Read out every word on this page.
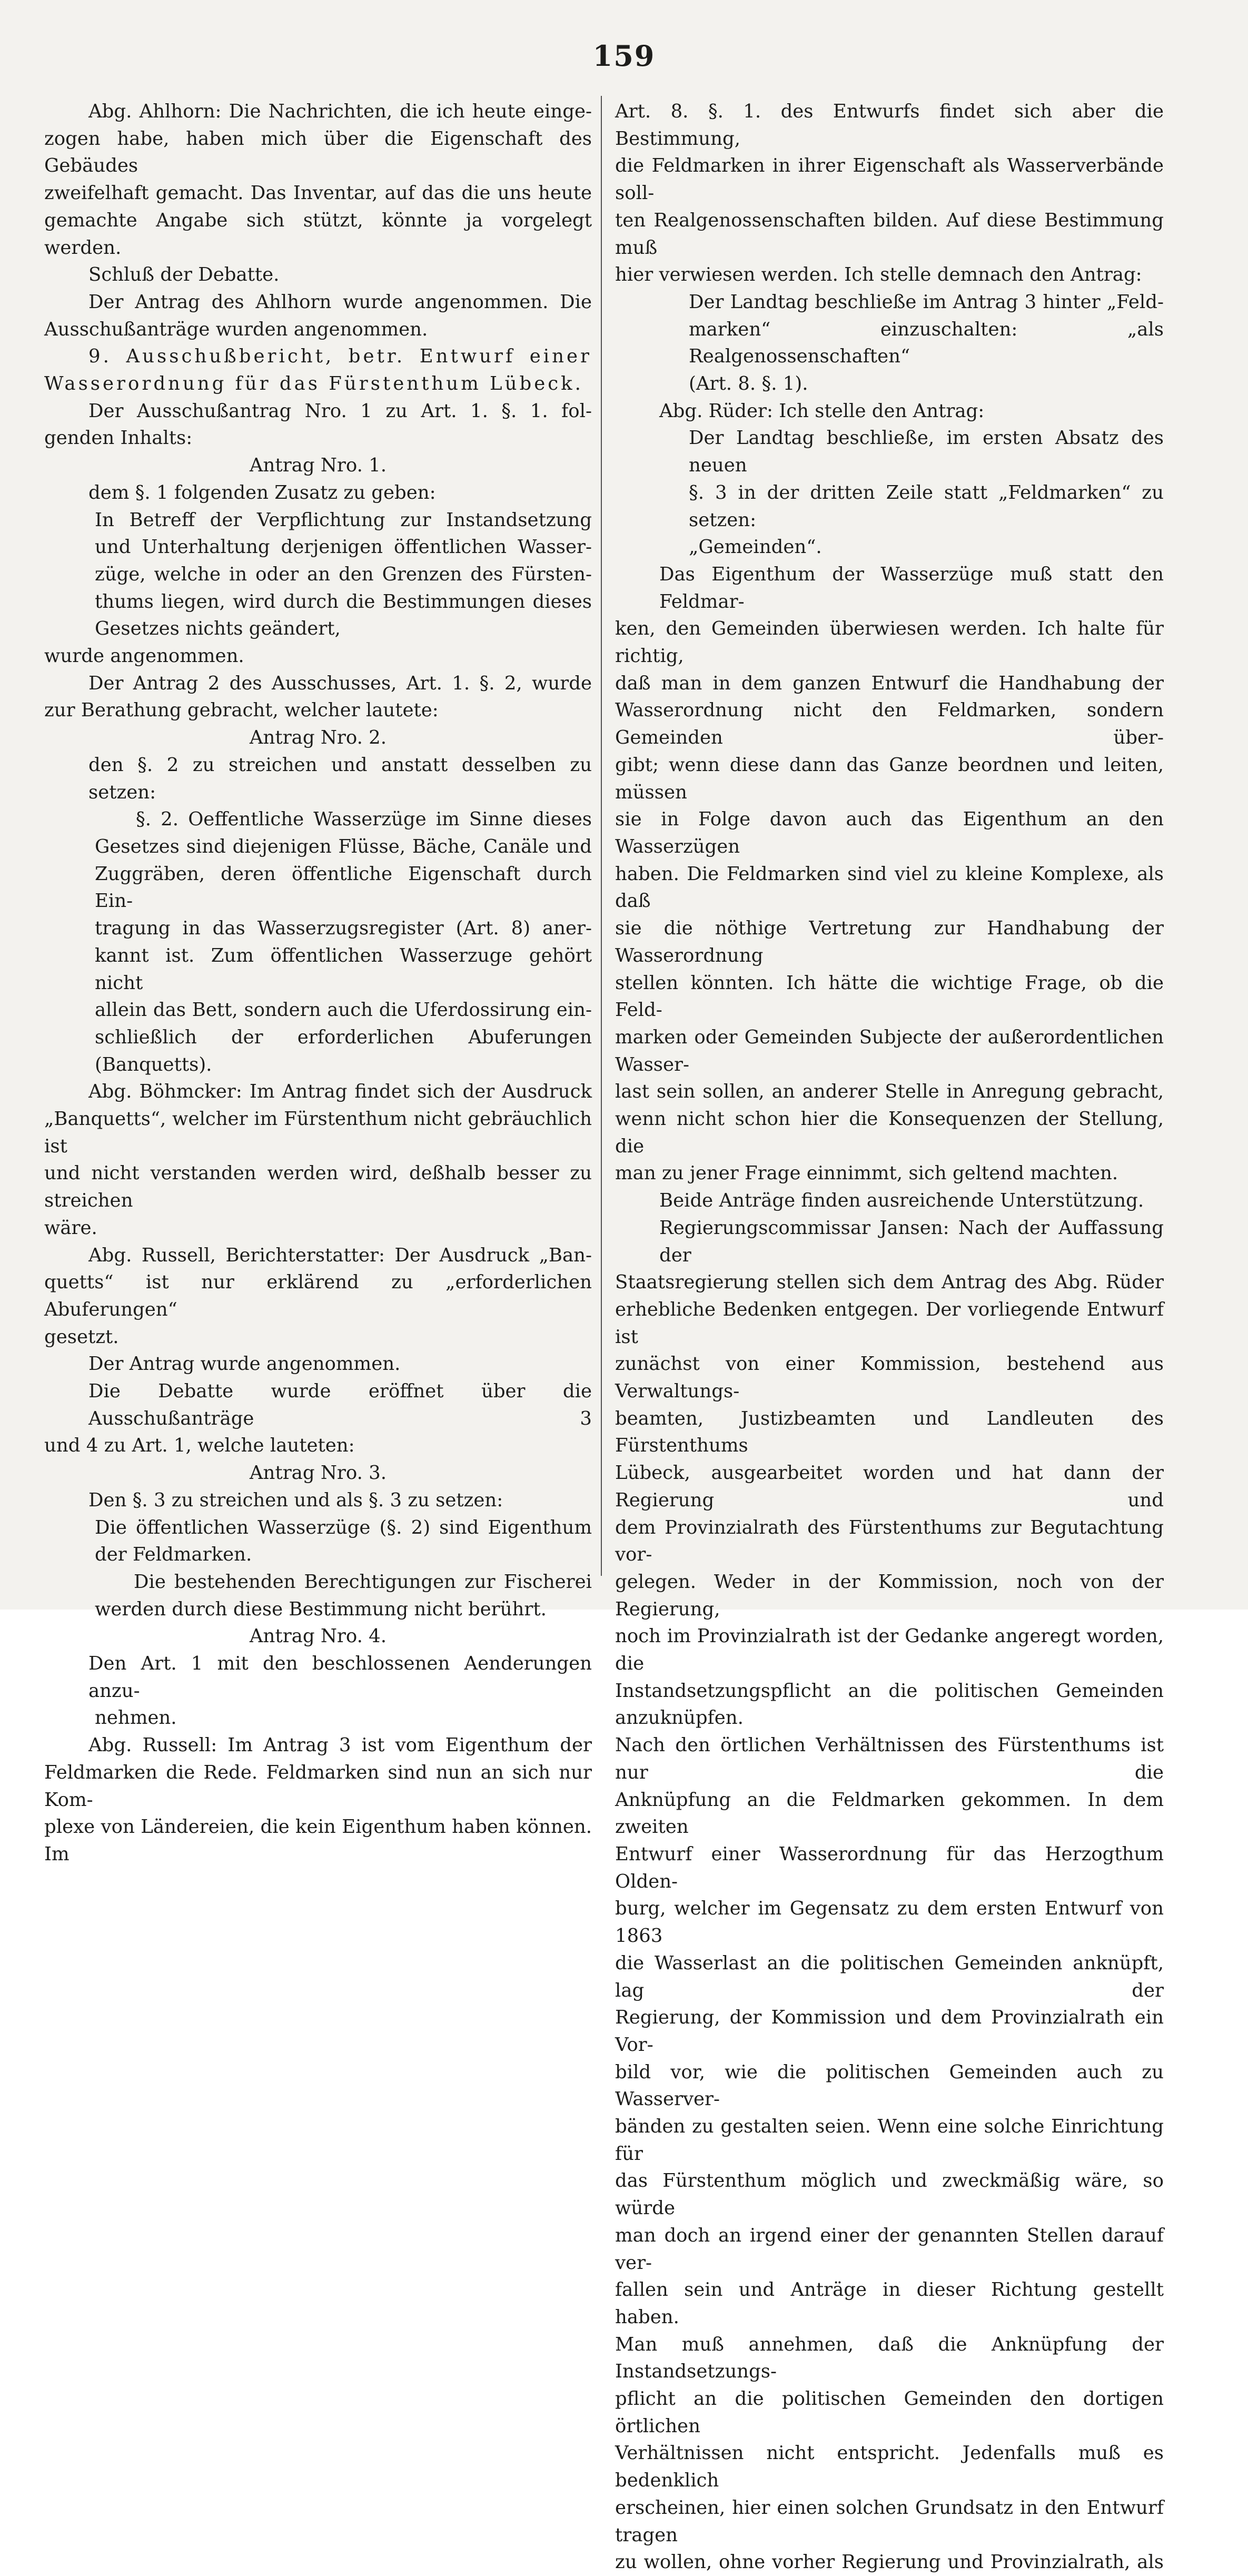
159

Abg. Ahlhorn: Die Nachrichten, die ich heute einge-

zogen habe, haben mich über die Eigenschaft des Gebäudes

zweifelhaft gemacht. Das Inventar, auf das die uns heute

gemachte Angabe sich stützt, könnte ja vorgelegt werden.

Schluß der Debatte.

Der Antrag des Ahlhorn wurde angenommen. Die

Ausschußanträge wurden angenommen.

9. Ausschußbericht, betr. Entwurf einer

Wasserordnung für das Fürstenthum Lübeck.

Der Ausschußantrag Nro. 1 zu Art. 1. §. 1. fol-

genden Inhalts:

Antrag Nro. 1.

dem §. 1 folgenden Zusatz zu geben:

In Betreff der Verpflichtung zur Instandsetzung

und Unterhaltung derjenigen öffentlichen Wasser-

züge, welche in oder an den Grenzen des Fürsten-

thums liegen, wird durch die Bestimmungen dieses

Gesetzes nichts geändert,

wurde angenommen.

Der Antrag 2 des Ausschusses, Art. 1. §. 2, wurde

zur Berathung gebracht, welcher lautete:

Antrag Nro. 2.

den §. 2 zu streichen und anstatt desselben zu setzen:

§. 2. Oeffentliche Wasserzüge im Sinne dieses

Gesetzes sind diejenigen Flüsse, Bäche, Canäle und

Zuggräben, deren öffentliche Eigenschaft durch Ein-

tragung in das Wasserzugsregister (Art. 8) aner-

kannt ist. Zum öffentlichen Wasserzuge gehört nicht

allein das Bett, sondern auch die Uferdossirung ein-

schließlich der erforderlichen Abuferungen (Banquetts).

Abg. Böhmcker: Im Antrag findet sich der Ausdruck

„Banquetts“, welcher im Fürstenthum nicht gebräuchlich ist

und nicht verstanden werden wird, deßhalb besser zu streichen

wäre.

Abg. Russell, Berichterstatter: Der Ausdruck „Ban-

quetts“ ist nur erklärend zu „erforderlichen Abuferungen“

gesetzt.

Der Antrag wurde angenommen.

Die Debatte wurde eröffnet über die Ausschußanträge 3

und 4 zu Art. 1, welche lauteten:

Antrag Nro. 3.

Den §. 3 zu streichen und als §. 3 zu setzen:

Die öffentlichen Wasserzüge (§. 2) sind Eigenthum

der Feldmarken.

Die bestehenden Berechtigungen zur Fischerei

werden durch diese Bestimmung nicht berührt.

Antrag Nro. 4.

Den Art. 1 mit den beschlossenen Aenderungen anzu-

nehmen.

Abg. Russell: Im Antrag 3 ist vom Eigenthum der

Feldmarken die Rede. Feldmarken sind nun an sich nur Kom-

plexe von Ländereien, die kein Eigenthum haben können. Im

Art. 8. §. 1. des Entwurfs findet sich aber die Bestimmung,

die Feldmarken in ihrer Eigenschaft als Wasserverbände soll-

ten Realgenossenschaften bilden. Auf diese Bestimmung muß

hier verwiesen werden. Ich stelle demnach den Antrag:

Der Landtag beschließe im Antrag 3 hinter „Feld-

marken“ einzuschalten: „als Realgenossenschaften“

(Art. 8. §. 1).

Abg. Rüder: Ich stelle den Antrag:

Der Landtag beschließe, im ersten Absatz des neuen

§. 3 in der dritten Zeile statt „Feldmarken“ zu setzen:

„Gemeinden“.

Das Eigenthum der Wasserzüge muß statt den Feldmar-

ken, den Gemeinden überwiesen werden. Ich halte für richtig,

daß man in dem ganzen Entwurf die Handhabung der

Wasserordnung nicht den Feldmarken, sondern Gemeinden über-

gibt; wenn diese dann das Ganze beordnen und leiten, müssen

sie in Folge davon auch das Eigenthum an den Wasserzügen

haben. Die Feldmarken sind viel zu kleine Komplexe, als daß

sie die nöthige Vertretung zur Handhabung der Wasserordnung

stellen könnten. Ich hätte die wichtige Frage, ob die Feld-

marken oder Gemeinden Subjecte der außerordentlichen Wasser-

last sein sollen, an anderer Stelle in Anregung gebracht,

wenn nicht schon hier die Konsequenzen der Stellung, die

man zu jener Frage einnimmt, sich geltend machten.

Beide Anträge finden ausreichende Unterstützung.

Regierungscommissar Jansen: Nach der Auffassung der

Staatsregierung stellen sich dem Antrag des Abg. Rüder

erhebliche Bedenken entgegen. Der vorliegende Entwurf ist

zunächst von einer Kommission, bestehend aus Verwaltungs-

beamten, Justizbeamten und Landleuten des Fürstenthums

Lübeck, ausgearbeitet worden und hat dann der Regierung und

dem Provinzialrath des Fürstenthums zur Begutachtung vor-

gelegen. Weder in der Kommission, noch von der Regierung,

noch im Provinzialrath ist der Gedanke angeregt worden, die

Instandsetzungspflicht an die politischen Gemeinden anzuknüpfen.

Nach den örtlichen Verhältnissen des Fürstenthums ist nur die

Anknüpfung an die Feldmarken gekommen. In dem zweiten

Entwurf einer Wasserordnung für das Herzogthum Olden-

burg, welcher im Gegensatz zu dem ersten Entwurf von 1863

die Wasserlast an die politischen Gemeinden anknüpft, lag der

Regierung, der Kommission und dem Provinzialrath ein Vor-

bild vor, wie die politischen Gemeinden auch zu Wasserver-

bänden zu gestalten seien. Wenn eine solche Einrichtung für

das Fürstenthum möglich und zweckmäßig wäre, so würde

man doch an irgend einer der genannten Stellen darauf ver-

fallen sein und Anträge in dieser Richtung gestellt haben.

Man muß annehmen, daß die Anknüpfung der Instandsetzungs-

pflicht an die politischen Gemeinden den dortigen örtlichen

Verhältnissen nicht entspricht. Jedenfalls muß es bedenklich

erscheinen, hier einen solchen Grundsatz in den Entwurf tragen

zu wollen, ohne vorher Regierung und Provinzialrath, als
